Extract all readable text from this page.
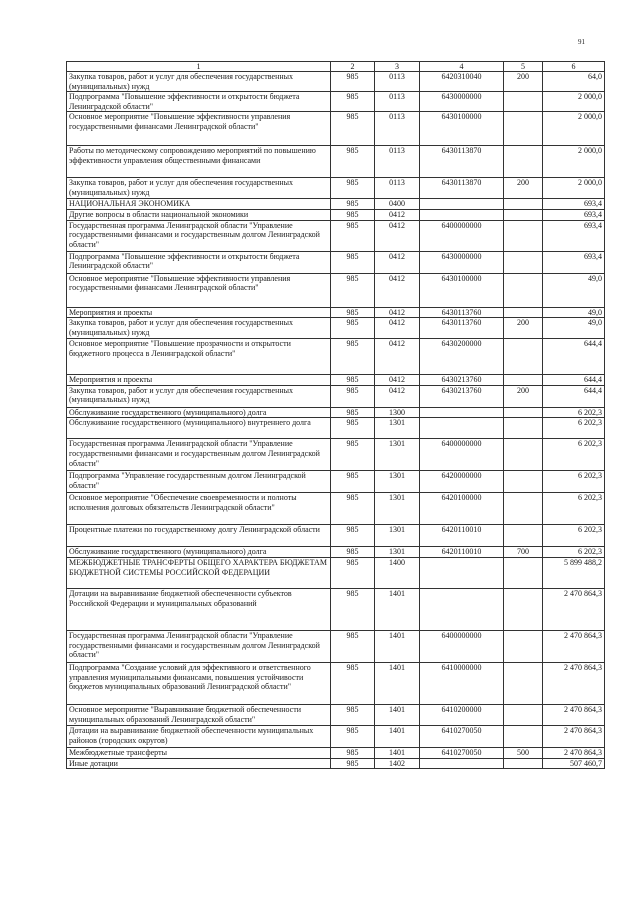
91
1	2	3	4	5	6
Закупка товаров, работ и услуг для обеспечения государственных (муниципальных) нужд	985	0113	6420310040	200	64,0
Подпрограмма "Повышение эффективности и открытости бюджета Ленинградской области"	985	0113	6430000000		2 000,0
Основное мероприятие "Повышение эффективности управления государственными финансами Ленинградской области"	985	0113	6430100000		2 000,0
Работы по методическому сопровождению мероприятий по повышению эффективности управления общественными финансами	985	0113	6430113870		2 000,0
Закупка товаров, работ и услуг для обеспечения государственных (муниципальных) нужд	985	0113	6430113870	200	2 000,0
НАЦИОНАЛЬНАЯ ЭКОНОМИКА	985	0400			693,4
Другие вопросы в области национальной экономики	985	0412			693,4
Государственная программа Ленинградской области "Управление государственными финансами и государственным долгом Ленинградской области"	985	0412	6400000000		693,4
Подпрограмма "Повышение эффективности и открытости бюджета Ленинградской области"	985	0412	6430000000		693,4
Основное мероприятие "Повышение эффективности управления государственными финансами Ленинградской области"	985	0412	6430100000		49,0
Мероприятия и проекты	985	0412	6430113760		49,0
Закупка товаров, работ и услуг для обеспечения государственных (муниципальных) нужд	985	0412	6430113760	200	49,0
Основное мероприятие "Повышение прозрачности и открытости бюджетного процесса в Ленинградской области"	985	0412	6430200000		644,4
Мероприятия и проекты	985	0412	6430213760		644,4
Закупка товаров, работ и услуг для обеспечения государственных (муниципальных) нужд	985	0412	6430213760	200	644,4
Обслуживание государственного (муниципального) долга	985	1300			6 202,3
Обслуживание государственного (муниципального) внутреннего долга	985	1301			6 202,3
Государственная программа Ленинградской области "Управление государственными финансами и государственным долгом Ленинградской области"	985	1301	6400000000		6 202,3
Подпрограмма "Управление государственным долгом Ленинградской области"	985	1301	6420000000		6 202,3
Основное мероприятие "Обеспечение своевременности и полноты исполнения долговых обязательств Ленинградской области"	985	1301	6420100000		6 202,3
Процентные платежи по государственному долгу Ленинградской области	985	1301	6420110010		6 202,3
Обслуживание государственного (муниципального) долга	985	1301	6420110010	700	6 202,3
МЕЖБЮДЖЕТНЫЕ ТРАНСФЕРТЫ ОБЩЕГО ХАРАКТЕРА БЮДЖЕТАМ БЮДЖЕТНОЙ СИСТЕМЫ РОССИЙСКОЙ ФЕДЕРАЦИИ	985	1400			5 899 488,2
Дотации на выравнивание бюджетной обеспеченности субъектов Российской Федерации и муниципальных образований	985	1401			2 470 864,3
Государственная программа Ленинградской области "Управление государственными финансами и государственным долгом Ленинградской области"	985	1401	6400000000		2 470 864,3
Подпрограмма "Создание условий для эффективного и ответственного управления муниципальными финансами, повышения устойчивости бюджетов муниципальных образований Ленинградской области"	985	1401	6410000000		2 470 864,3
Основное мероприятие "Выравнивание бюджетной обеспеченности муниципальных образований Ленинградской области"	985	1401	6410200000		2 470 864,3
Дотации на выравнивание бюджетной обеспеченности муниципальных районов (городских округов)	985	1401	6410270050		2 470 864,3
Межбюджетные трансферты	985	1401	6410270050	500	2 470 864,3
Иные дотации	985	1402			507 460,7
